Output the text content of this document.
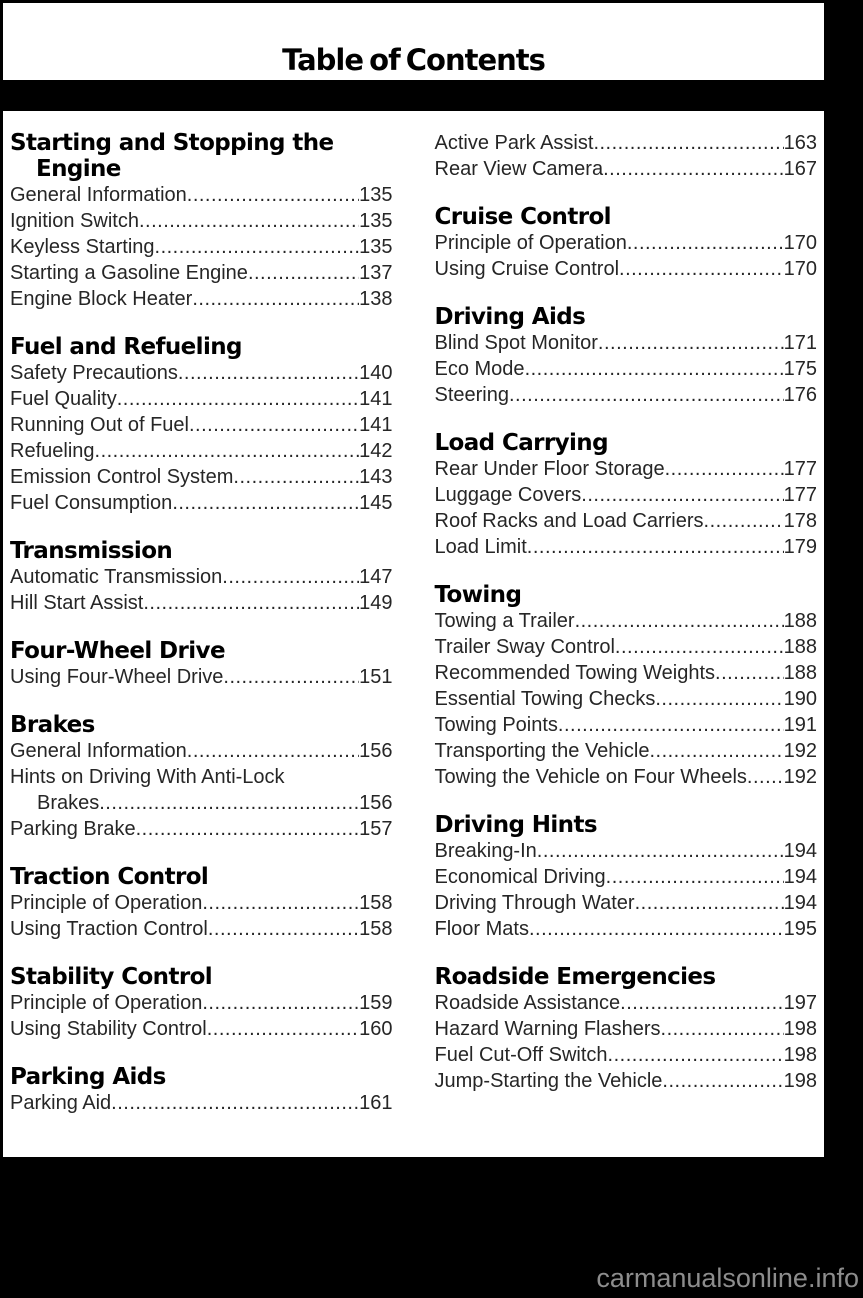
Table of Contents
Starting and Stopping the
Engine
General Information .....	135
Ignition Switch .....	135
Keyless Starting .....	135
Starting a Gasoline Engine .....	137
Engine Block Heater .....	138
Fuel and Refueling
Safety Precautions .....	140
Fuel Quality .....	141
Running Out of Fuel .....	141
Refueling .....	142
Emission Control System .....	143
Fuel Consumption .....	145
Transmission
Automatic Transmission .....	147
Hill Start Assist .....	149
Four-Wheel Drive
Using Four-Wheel Drive .....	151
Brakes
General Information .....	156
Hints on Driving With Anti-Lock
Brakes .....	156
Parking Brake .....	157
Traction Control
Principle of Operation .....	158
Using Traction Control .....	158
Stability Control
Principle of Operation .....	159
Using Stability Control .....	160
Parking Aids
Parking Aid .....	161
Active Park Assist .....	163
Rear View Camera .....	167
Cruise Control
Principle of Operation .....	170
Using Cruise Control .....	170
Driving Aids
Blind Spot Monitor .....	171
Eco Mode .....	175
Steering .....	176
Load Carrying
Rear Under Floor Storage .....	177
Luggage Covers .....	177
Roof Racks and Load Carriers .....	178
Load Limit .....	179
Towing
Towing a Trailer .....	188
Trailer Sway Control .....	188
Recommended Towing Weights .....	188
Essential Towing Checks .....	190
Towing Points .....	191
Transporting the Vehicle .....	192
Towing the Vehicle on Four Wheels ..... 192
Driving Hints
Breaking-In .....	194
Economical Driving .....	194
Driving Through Water .....	194
Floor Mats .....	195
Roadside Emergencies
Roadside Assistance .....	197
Hazard Warning Flashers .....	198
Fuel Cut-Off Switch .....	198
Jump-Starting the Vehicle .....	198
carmanualsonline.info
